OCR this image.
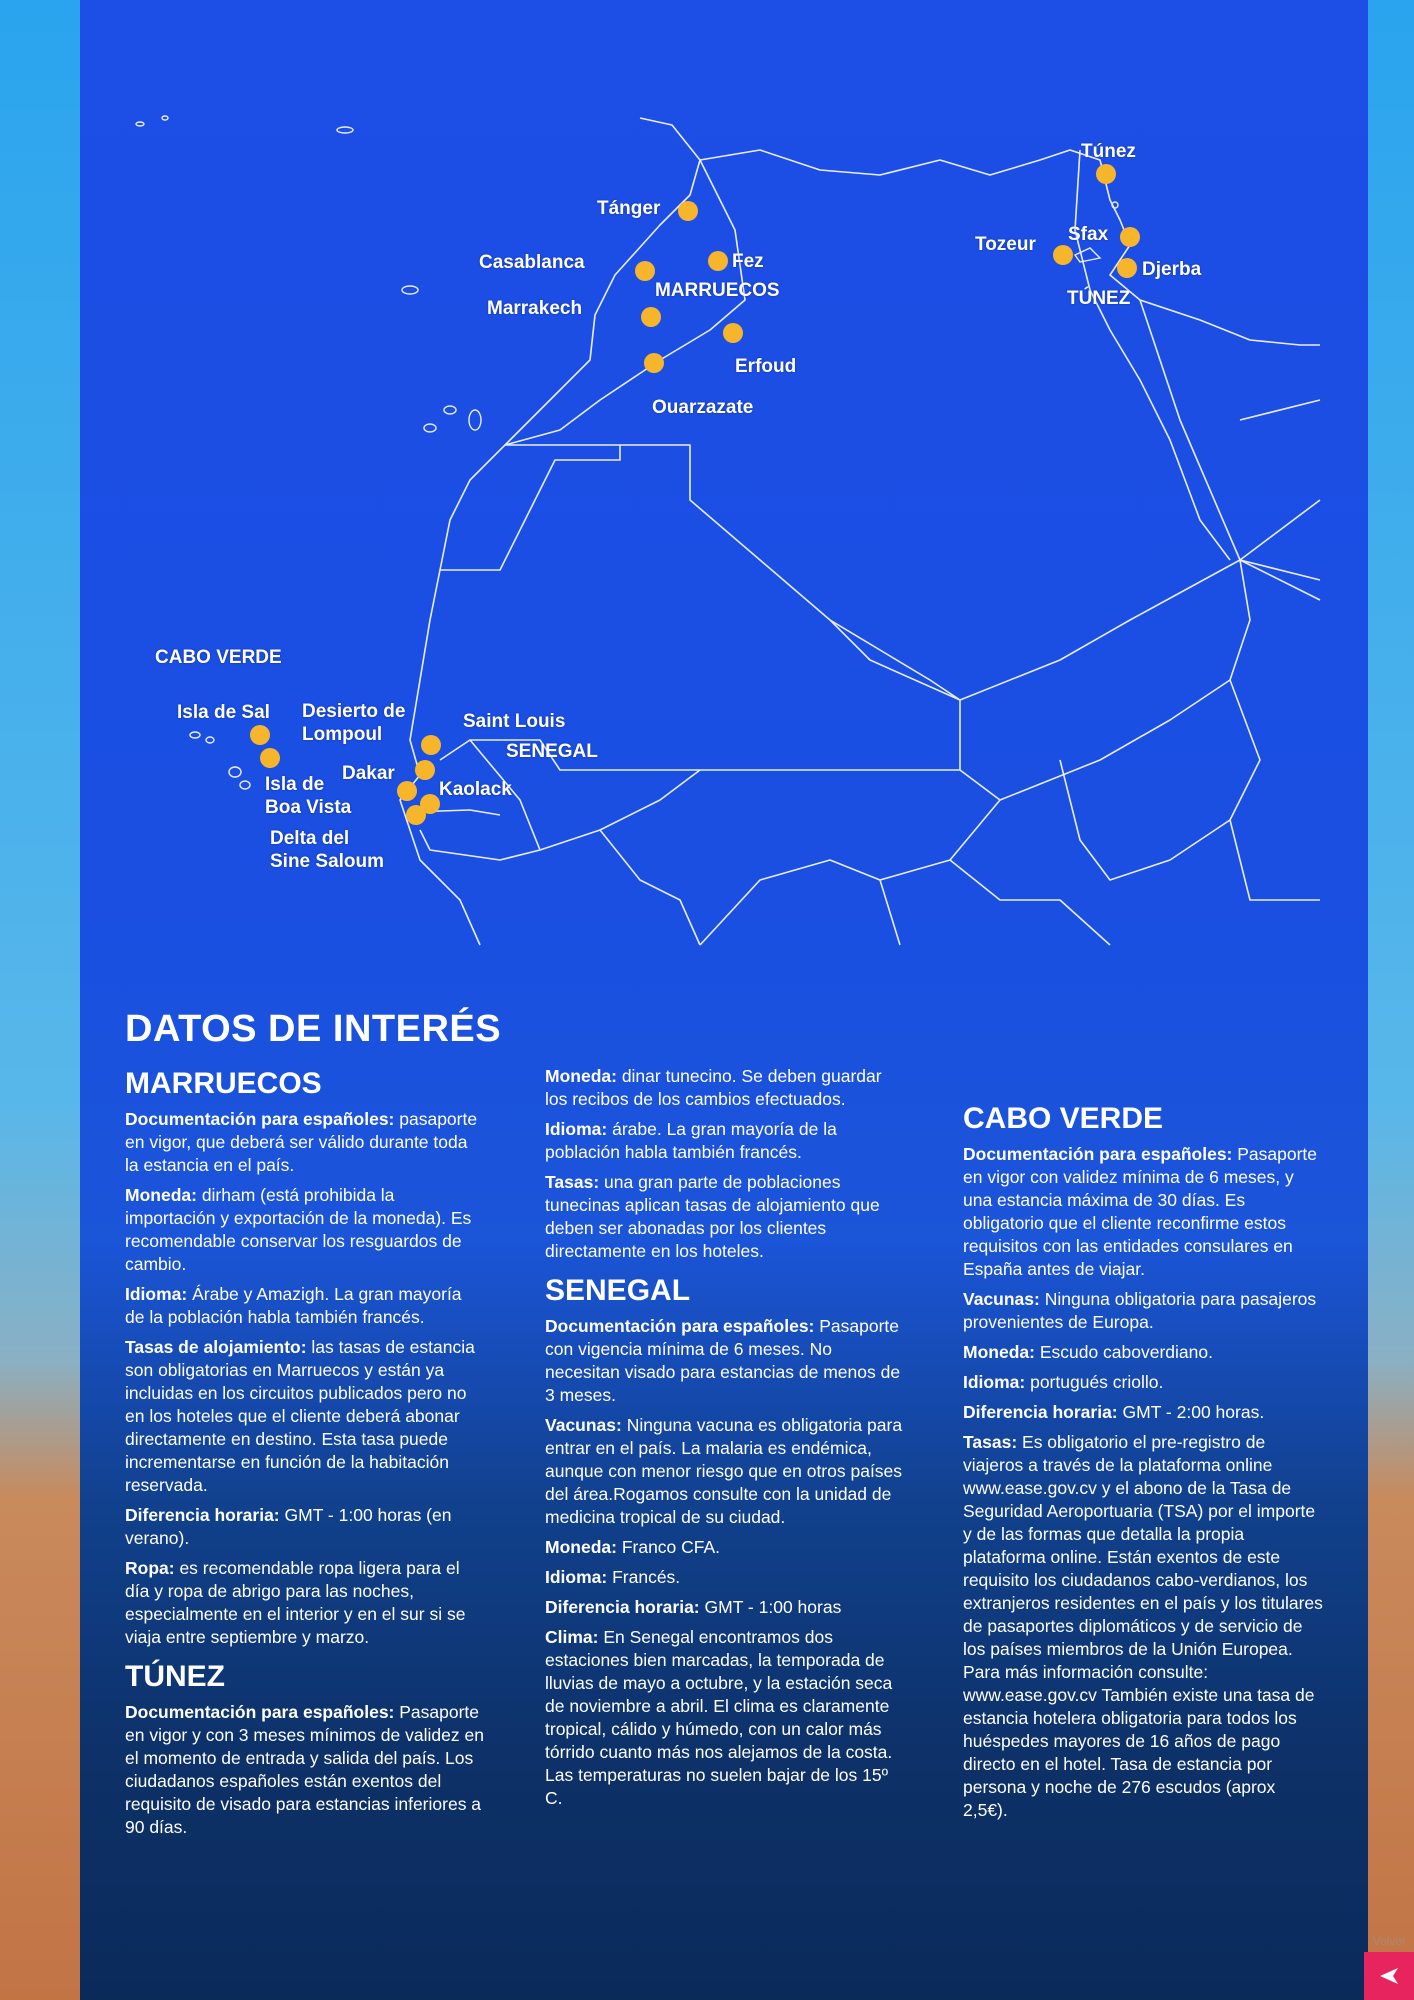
Túnez
Tánger
Fez
Casablanca
MARRUECOS
Marrakech
Erfoud
Ouarzazate
Sfax
Tozeur
Djerba
TÚNEZ
CABO VERDE
Isla de Sal Desierto de
Lompoul
Saint Louis
SENEGAL
Dakar
Kaolack
Isla de
Boa Vista
Delta del
Sine Saloum
DATOS DE INTERÉS
MARRUECOS

Documentación para españoles: pasaporte en vigor, que deberá ser válido durante toda la estancia en el país.

Moneda: dirham (está prohibida la importación y exportación de la moneda). Es recomendable conservar los resguardos de cambio.

Idioma: Árabe y Amazigh. La gran mayoría de la población habla también francés.

Tasas de alojamiento: las tasas de estancia son obligatorias en Marruecos y están ya incluidas en los circuitos publicados pero no en los hoteles que el cliente deberá abonar directamente en destino. Esta tasa puede incrementarse en función de la habitación reservada.

Diferencia horaria: GMT - 1:00 horas (en verano).

Ropa: es recomendable ropa ligera para el día y ropa de abrigo para las noches, especialmente en el interior y en el sur si se viaja entre septiembre y marzo.

TÚNEZ

Documentación para españoles: Pasaporte en vigor y con 3 meses mínimos de validez en el momento de entrada y salida del país. Los ciudadanos españoles están exentos del requisito de visado para estancias inferiores a 90 días.

Moneda: dinar tunecino. Se deben guardar los recibos de los cambios efectuados.

Idioma: árabe. La gran mayoría de la población habla también francés.

Tasas: una gran parte de poblaciones tunecinas aplican tasas de alojamiento que deben ser abonadas por los clientes directamente en los hoteles.

SENEGAL

Documentación para españoles: Pasaporte con vigencia mínima de 6 meses. No necesitan visado para estancias de menos de 3 meses.

Vacunas: Ninguna vacuna es obligatoria para entrar en el país. La malaria es endémica, aunque con menor riesgo que en otros países del área.Rogamos consulte con la unidad de medicina tropical de su ciudad.

Moneda: Franco CFA.

Idioma: Francés.

Diferencia horaria: GMT - 1:00 horas

Clima: En Senegal encontramos dos estaciones bien marcadas, la temporada de lluvias de mayo a octubre, y la estación seca de noviembre a abril. El clima es claramente tropical, cálido y húmedo, con un calor más tórrido cuanto más nos alejamos de la costa. Las temperaturas no suelen bajar de los 15º C.

CABO VERDE

Documentación para españoles: Pasaporte en vigor con validez mínima de 6 meses, y una estancia máxima de 30 días. Es obligatorio que el cliente reconfirme estos requisitos con las entidades consulares en España antes de viajar.

Vacunas: Ninguna obligatoria para pasajeros provenientes de Europa.

Moneda: Escudo caboverdiano.

Idioma: portugués criollo.

Diferencia horaria: GMT - 2:00 horas.

Tasas: Es obligatorio el pre-registro de viajeros a través de la plataforma online www.ease.gov.cv y el abono de la Tasa de Seguridad Aeroportuaria (TSA) por el importe y de las formas que detalla la propia plataforma online. Están exentos de este requisito los ciudadanos cabo-verdianos, los extranjeros residentes en el país y los titulares de pasaportes diplomáticos y de servicio de los países miembros de la Unión Europea. Para más información consulte: www.ease.gov.cv También existe una tasa de estancia hotelera obligatoria para todos los huéspedes mayores de 16 años de pago directo en el hotel. Tasa de estancia por persona y noche de 276 escudos (aprox 2,5€).

Volver
